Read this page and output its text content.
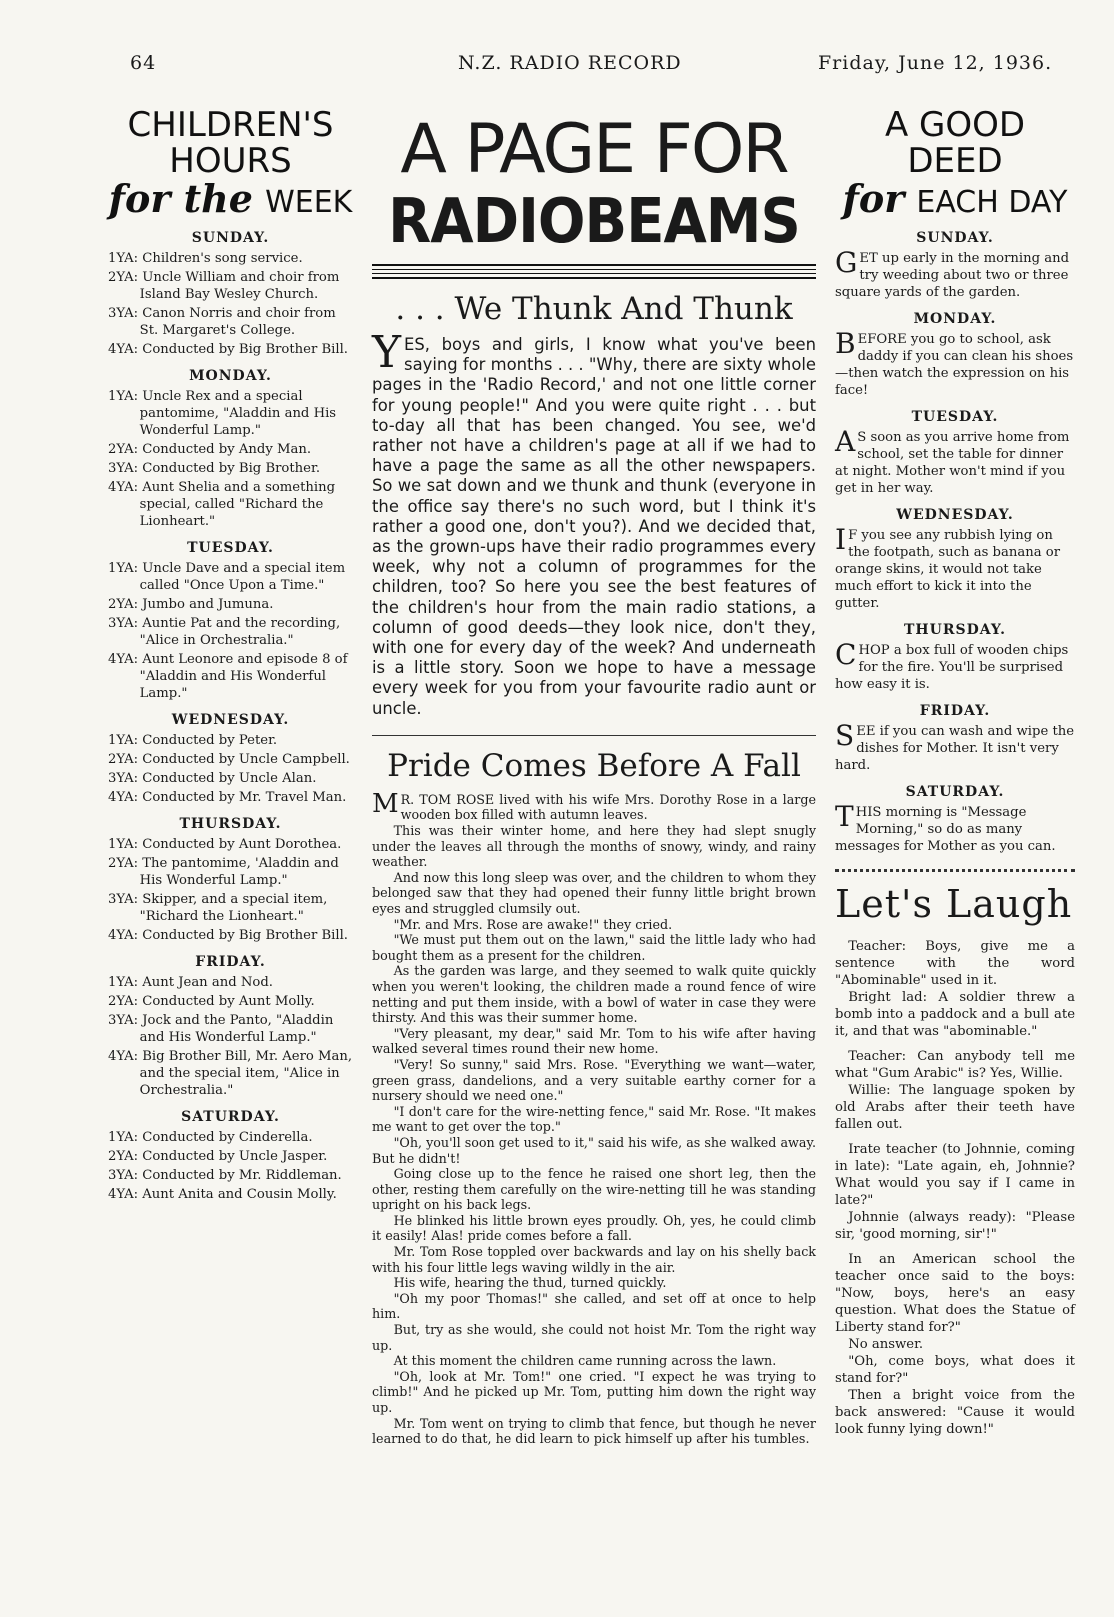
64	N.Z. RADIO RECORD	Friday, June 12, 1936.
CHILDREN'S HOURS
for the WEEK
SUNDAY.
1YA: Children's song service.
2YA: Uncle William and choir from Island Bay Wesley Church.
3YA: Canon Norris and choir from St. Margaret's College.
4YA: Conducted by Big Brother Bill.
MONDAY.
1YA: Uncle Rex and a special pantomime, "Aladdin and His Wonderful Lamp."
2YA: Conducted by Andy Man.
3YA: Conducted by Big Brother.
4YA: Aunt Shelia and a something special, called "Richard the Lionheart."
TUESDAY.
1YA: Uncle Dave and a special item called "Once Upon a Time."
2YA: Jumbo and Jumuna.
3YA: Auntie Pat and the recording, "Alice in Orchestralia."
4YA: Aunt Leonore and episode 8 of "Aladdin and His Wonderful Lamp."
WEDNESDAY.
1YA: Conducted by Peter.
2YA: Conducted by Uncle Campbell.
3YA: Conducted by Uncle Alan.
4YA: Conducted by Mr. Travel Man.
THURSDAY.
1YA: Conducted by Aunt Dorothea.
2YA: The pantomime, 'Aladdin and His Wonderful Lamp."
3YA: Skipper, and a special item, "Richard the Lionheart."
4YA: Conducted by Big Brother Bill.
FRIDAY.
1YA: Aunt Jean and Nod.
2YA: Conducted by Aunt Molly.
3YA: Jock and the Panto, "Aladdin and His Wonderful Lamp."
4YA: Big Brother Bill, Mr. Aero Man, and the special item, "Alice in Orchestralia."
SATURDAY.
1YA: Conducted by Cinderella.
2YA: Conducted by Uncle Jasper.
3YA: Conducted by Mr. Riddleman.
4YA: Aunt Anita and Cousin Molly.
A PAGE FOR
RADIOBEAMS
. . . We Thunk And Thunk

YES, boys and girls, I know what you've been saying for months . . . "Why, there are sixty whole pages in the 'Radio Record,' and not one little corner for young people!" And you were quite right . . . but to-day all that has been changed. You see, we'd rather not have a children's page at all if we had to have a page the same as all the other newspapers. So we sat down and we thunk and thunk (everyone in the office say there's no such word, but I think it's rather a good one, don't you?). And we decided that, as the grown-ups have their radio programmes every week, why not a column of programmes for the children, too? So here you see the best features of the children's hour from the main radio stations, a column of good deeds—they look nice, don't they, with one for every day of the week? And underneath is a little story. Soon we hope to have a message every week for you from your favourite radio aunt or uncle.

Pride Comes Before A Fall

M R. TOM ROSE lived with his wife Mrs. Dorothy Rose in a large wooden box filled with autumn leaves.

This was their winter home, and here they had slept snugly under the leaves all through the months of snowy, windy, and rainy weather.

And now this long sleep was over, and the children to whom they belonged saw that they had opened their funny little bright brown eyes and struggled clumsily out.

"Mr. and Mrs. Rose are awake!" they cried.

"We must put them out on the lawn," said the little lady who had bought them as a present for the children.

As the garden was large, and they seemed to walk quite quickly when you weren't looking, the children made a round fence of wire netting and put them inside, with a bowl of water in case they were thirsty. And this was their summer home.

"Very pleasant, my dear," said Mr. Tom to his wife after having walked several times round their new home.

"Very! So sunny," said Mrs. Rose. "Everything we want—water, green grass, dandelions, and a very suitable earthy corner for a nursery should we need one."

"I don't care for the wire-netting fence," said Mr. Rose. "It makes me want to get over the top."

"Oh, you'll soon get used to it," said his wife, as she walked away. But he didn't!

Going close up to the fence he raised one short leg, then the other, resting them carefully on the wire-netting till he was standing upright on his back legs.

He blinked his little brown eyes proudly. Oh, yes, he could climb it easily! Alas! pride comes before a fall.

Mr. Tom Rose toppled over backwards and lay on his shelly back with his four little legs waving wildly in the air.

His wife, hearing the thud, turned quickly.

"Oh my poor Thomas!" she called, and set off at once to help him.

But, try as she would, she could not hoist Mr. Tom the right way up.

At this moment the children came running across the lawn.

"Oh, look at Mr. Tom!" one cried. "I expect he was trying to climb!" And he picked up Mr. Tom, putting him down the right way up.

Mr. Tom went on trying to climb that fence, but though he never learned to do that, he did learn to pick himself up after his tumbles.

A GOOD DEED
for EACH DAY
SUNDAY.

GET up early in the morning and try weeding about two or three square yards of the garden.

MONDAY.

BEFORE you go to school, ask daddy if you can clean his shoes—then watch the expression on his face!

TUESDAY.

A S soon as you arrive home from school, set the table for dinner at night. Mother won't mind if you get in her way.

WEDNESDAY.

I F you see any rubbish lying on the footpath, such as banana or orange skins, it would not take much effort to kick it into the gutter.

THURSDAY.

CHOP a box full of wooden chips for the fire. You'll be surprised how easy it is.

FRIDAY.

SEE if you can wash and wipe the dishes for Mother. It isn't very hard.

SATURDAY.

THIS morning is "Message Morning," so do as many messages for Mother as you can.

Let's Laugh

Teacher: Boys, give me a sentence with the word "Abominable" used in it.
Bright lad: A soldier threw a bomb into a paddock and a bull ate it, and that was "abominable."

Teacher: Can anybody tell me what "Gum Arabic" is? Yes, Willie.
Willie: The language spoken by old Arabs after their teeth have fallen out.

Irate teacher (to Johnnie, coming in late): "Late again, eh, Johnnie? What would you say if I came in late?"
Johnnie (always ready): "Please sir, 'good morning, sir'!"

In an American school the teacher once said to the boys: "Now, boys, here's an easy question. What does the Statue of Liberty stand for?"
No answer.
"Oh, come boys, what does it stand for?"
Then a bright voice from the back answered: "Cause it would look funny lying down!"
